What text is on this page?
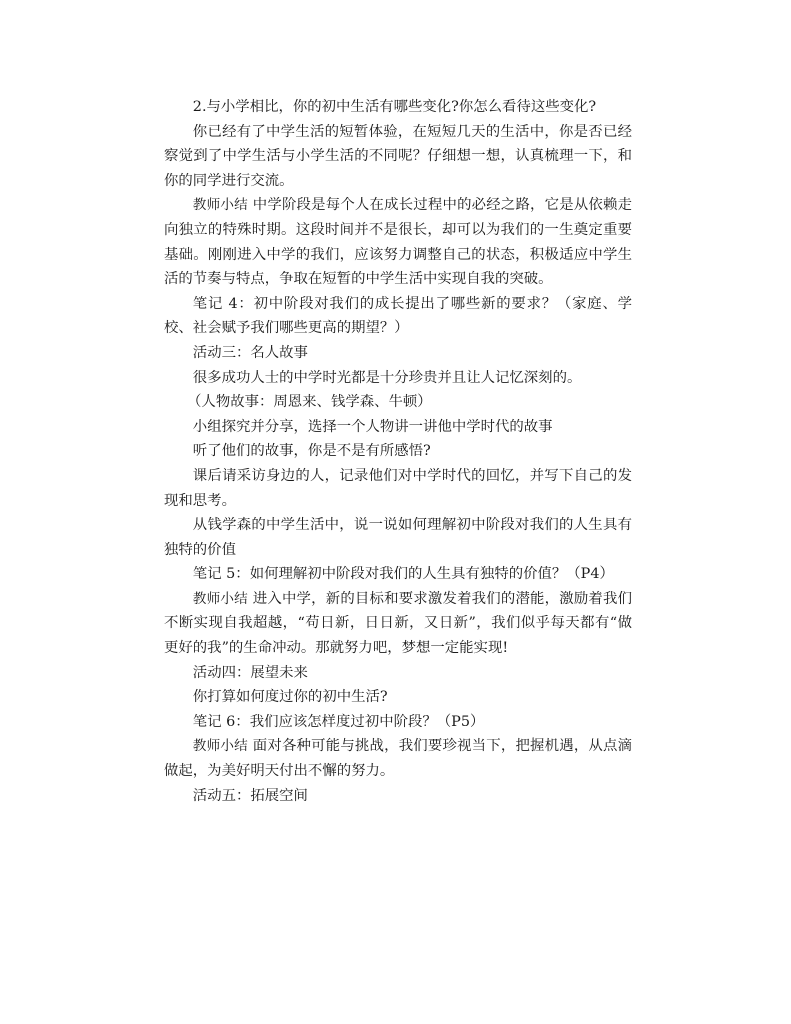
2.与小学相比，你的初中生活有哪些变化?你怎么看待这些变化?

你已经有了中学生活的短暂体验，在短短几天的生活中，你是否已经察觉到了中学生活与小学生活的不同呢？仔细想一想，认真梳理一下，和你的同学进行交流。

教师小结 中学阶段是每个人在成长过程中的必经之路，它是从依赖走向独立的特殊时期。这段时间并不是很长，却可以为我们的一生奠定重要基础。刚刚进入中学的我们，应该努力调整自己的状态，积极适应中学生活的节奏与特点，争取在短暂的中学生活中实现自我的突破。

笔记 4：初中阶段对我们的成长提出了哪些新的要求？（家庭、学校、社会赋予我们哪些更高的期望？）

活动三：名人故事

很多成功人士的中学时光都是十分珍贵并且让人记忆深刻的。

（人物故事：周恩来、钱学森、牛顿）

小组探究并分享，选择一个人物讲一讲他中学时代的故事

听了他们的故事，你是不是有所感悟?

课后请采访身边的人，记录他们对中学时代的回忆，并写下自己的发现和思考。

从钱学森的中学生活中，说一说如何理解初中阶段对我们的人生具有独特的价值

笔记 5：如何理解初中阶段对我们的人生具有独特的价值？（P4）

教师小结 进入中学，新的目标和要求激发着我们的潜能，激励着我们不断实现自我超越，“苟日新，日日新，又日新”，我们似乎每天都有“做更好的我”的生命冲动。那就努力吧，梦想一定能实现!

活动四：展望未来

你打算如何度过你的初中生活?

笔记 6：我们应该怎样度过初中阶段？（P5）

教师小结 面对各种可能与挑战，我们要珍视当下，把握机遇，从点滴做起，为美好明天付出不懈的努力。

活动五：拓展空间
